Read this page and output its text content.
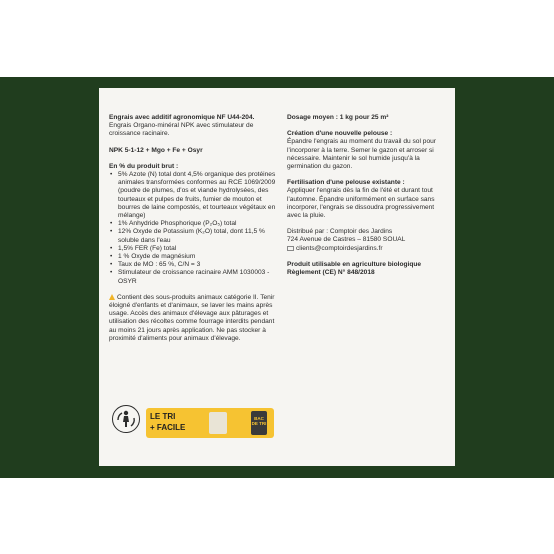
Engrais avec additif agronomique NF U44-204.

Engrais Organo-minéral NPK avec stimulateur de croissance racinaire.

NPK 5-1-12 + Mgo + Fe + Osyr

En % du produit brut :

• 5% Azote (N) total dont 4,5% organique des protéines animales transformées conformes au RCE 1069/2009 (poudre de plumes, d'os et viande hydrolysées, des tourteaux et pulpes de fruits, fumier de mouton et bourres de laine compostés, et tourteaux végétaux en mélange)
• 1% Anhydride Phosphorique (P₂O₅) total
• 12% Oxyde de Potassium (K₂O) total, dont 11,5 % soluble dans l'eau
• 1,5% FER (Fe) total
• 1 % Oxyde de magnésium
• Taux de MO : 65 %, C/N = 3
• Stimulateur de croissance racinaire AMM 1030003 - OSYR

Contient des sous-produits animaux catégorie II. Tenir éloigné d'enfants et d'animaux, se laver les mains après usage. Accès des animaux d'élevage aux pâturages et utilisation des récoltes comme fourrage interdits pendant au moins 21 jours après application. Ne pas stocker à proximité d'aliments pour animaux d'élevage.

Dosage moyen : 1 kg pour 25 m²

Création d'une nouvelle pelouse :

Épandre l'engrais au moment du travail du sol pour l'incorporer à la terre. Semer le gazon et arroser si nécessaire. Maintenir le sol humide jusqu'à la germination du gazon.

Fertilisation d'une pelouse existante :

Appliquer l'engrais dès la fin de l'été et durant tout l'automne. Épandre uniformément en surface sans incorporer, l'engrais se dissoudra progressivement avec la pluie.

Distribué par : Comptoir des Jardins

724 Avenue de Castres – 81580 SOUAL

clients@comptoirdesjardins.fr

Produit utilisable en agriculture biologique Règlement (CE) N° 848/2018

LE TRI
+ FACILE
BAC DE TRI
